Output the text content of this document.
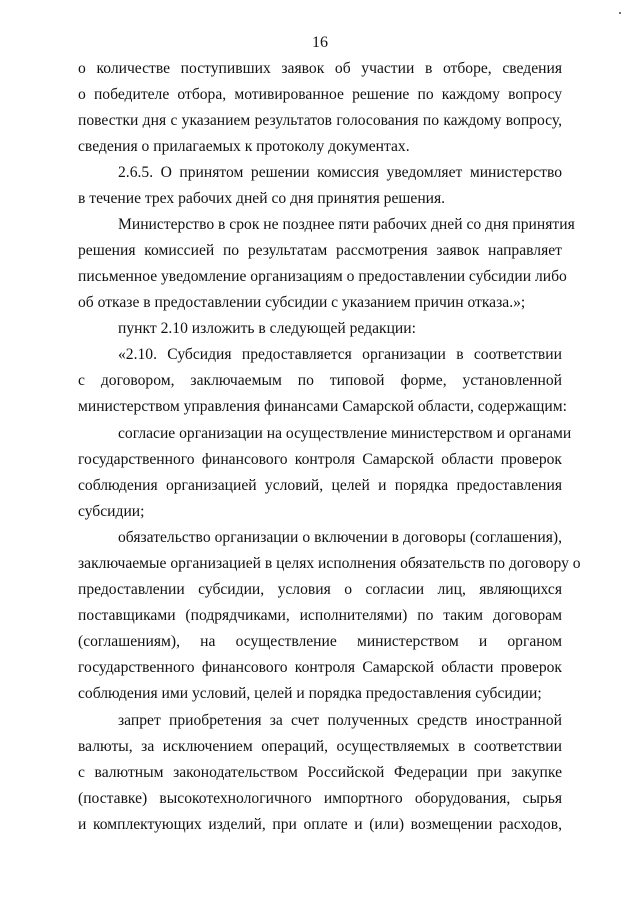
16
о количестве поступивших заявок об участии в отборе, сведения
о победителе отбора, мотивированное решение по каждому вопросу
повестки дня с указанием результатов голосования по каждому вопросу,
сведения о прилагаемых к протоколу документах.
2.6.5. О принятом решении комиссия уведомляет министерство
в течение трех рабочих дней со дня принятия решения.
Министерство в срок не позднее пяти рабочих дней со дня принятия
решения комиссией по результатам рассмотрения заявок направляет
письменное уведомление организациям о предоставлении субсидии либо
об отказе в предоставлении субсидии с указанием причин отказа.»;
пункт 2.10 изложить в следующей редакции:
«2.10. Субсидия предоставляется организации в соответствии
с договором, заключаемым по типовой форме, установленной
министерством управления финансами Самарской области, содержащим:
согласие организации на осуществление министерством и органами
государственного финансового контроля Самарской области проверок
соблюдения организацией условий, целей и порядка предоставления
субсидии;
обязательство организации о включении в договоры (соглашения),
заключаемые организацией в целях исполнения обязательств по договору о
предоставлении субсидии, условия о согласии лиц, являющихся
поставщиками (подрядчиками, исполнителями) по таким договорам
(соглашениям), на осуществление министерством и органом
государственного финансового контроля Самарской области проверок
соблюдения ими условий, целей и порядка предоставления субсидии;
запрет приобретения за счет полученных средств иностранной
валюты, за исключением операций, осуществляемых в соответствии
с валютным законодательством Российской Федерации при закупке
(поставке) высокотехнологичного импортного оборудования, сырья
и комплектующих изделий, при оплате и (или) возмещении расходов,
